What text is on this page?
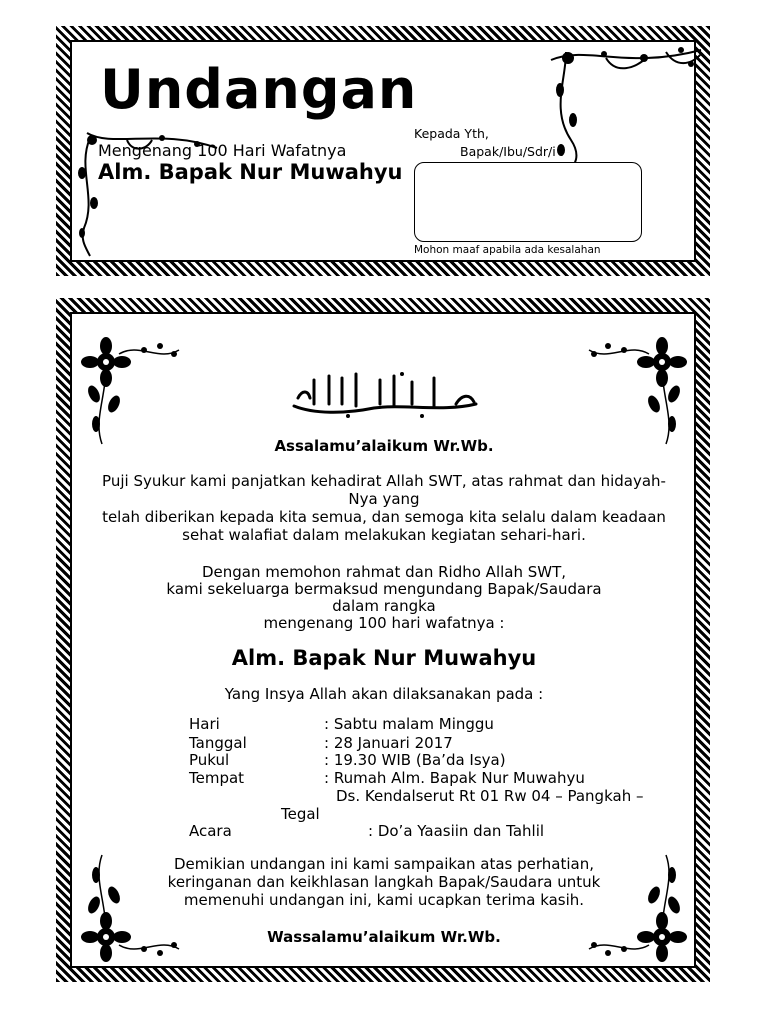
Undangan
Mengenang 100 Hari Wafatnya
Alm. Bapak Nur Muwahyu
Kepada Yth,
Bapak/Ibu/Sdr/i :
Mohon maaf apabila ada kesalahan
Assalamu’alaikum Wr.Wb.
Puji Syukur kami panjatkan kehadirat Allah SWT, atas rahmat dan hidayah-
Nya yang
telah diberikan kepada kita semua, dan semoga kita selalu dalam keadaan
sehat walafiat dalam melakukan kegiatan sehari-hari.
Dengan memohon rahmat dan Ridho Allah SWT,
kami sekeluarga bermaksud mengundang Bapak/Saudara
dalam rangka
mengenang 100 hari wafatnya :
Alm. Bapak Nur Muwahyu
Yang Insya Allah akan dilaksanakan pada :
Hari	: Sabtu malam Minggu
Tanggal	: 28 Januari 2017
Pukul	: 19.30 WIB (Ba’da Isya)
Tempat	: Rumah Alm. Bapak Nur Muwahyu
Ds. Kendalserut Rt 01 Rw 04 – Pangkah –
Tegal
Acara	: Do’a Yaasiin dan Tahlil
Demikian undangan ini kami sampaikan atas perhatian,
keringanan dan keikhlasan langkah Bapak/Saudara untuk
memenuhi undangan ini, kami ucapkan terima kasih.
Wassalamu’alaikum Wr.Wb.
